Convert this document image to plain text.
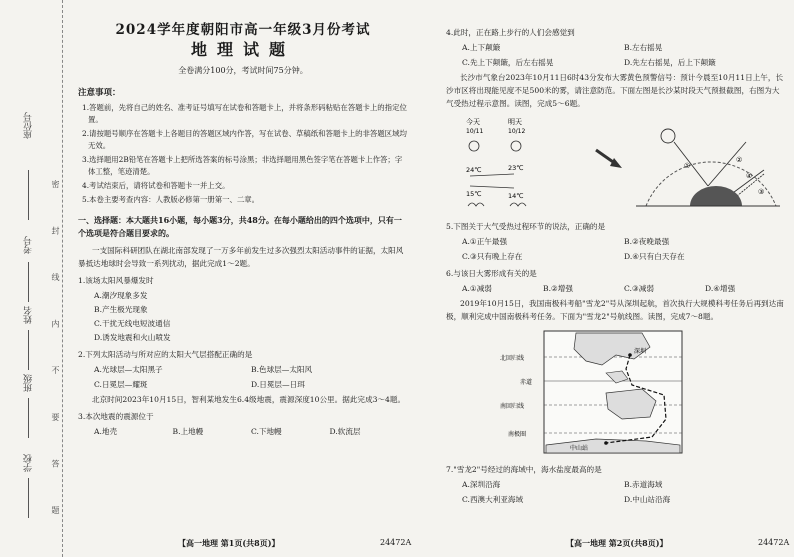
座位号
考号
姓名
班级
学校 密 封 线 内 不 要 答 题
2024学年度朝阳市高一年级3月份考试
地理试题
全卷满分100分，考试时间75分钟。
注意事项：
1.答题前，先将自己的姓名、准考证号填写在试卷和答题卡上，并将条形码粘贴在答题卡上的指定位置。
2.请按题号顺序在答题卡上各题目的答题区域内作答，写在试卷、草稿纸和答题卡上的非答题区域均无效。
3.选择题用2B铅笔在答题卡上把所选答案的标号涂黑；非选择题用黑色签字笔在答题卡上作答；字体工整，笔迹清楚。
4.考试结束后，请将试卷和答题卡一并上交。
5.本卷主要考查内容：人教版必修第一册第一、二章。
一、选择题：本大题共16小题，每小题3分，共48分。在每小题给出的四个选项中，只有一个选项是符合题目要求的。
一支国际科研团队在湖北南部发现了一万多年前发生过多次强烈太阳活动事件的证据，太阳风暴抵达地球时会导致一系列扰动，据此完成1～2题。
1.该场太阳风暴爆发时
A.潮汐现象多发
B.产生极光现象
C.干扰无线电短波通信
D.诱发地震和火山喷发
2.下列太阳活动与所对应的太阳大气层搭配正确的是
A.光球层—太阳黑子	B.色球层—太阳风
C.日冕层—耀斑	D.日冕层—日珥
北京时间2023年10月15日，智利某地发生6.4级地震，震源深度10公里。据此完成3～4题。
3.本次地震的震源位于
A.地壳	B.上地幔	C.下地幔	D.软流层
4.此时，正在路上步行的人们会感觉到
A.上下颠簸	B.左右摇晃
C.先上下颠簸，后左右摇晃	D.先左右摇晃，后上下颠簸
长沙市气象台2023年10月11日6时43分发布大雾黄色预警信号：预计今晨至10月11日上午，长沙市区将出现能见度不足500米的雾，请注意防范。下面左图是长沙某时段天气预报截图，右图为大气受热过程示意图。读图，完成5～6题。
今天	明天
10/11	10/12
24℃	23℃
15℃	14℃
①
②
③
④
5.下图关于大气受热过程环节的说法，正确的是
A.①正午最强	B.②夜晚最强
C.③只有晚上存在	D.④只有白天存在
6.与该日大雾形成有关的是
A.①减弱	B.②增强	C.③减弱	D.④增强
2019年10月15日，我国南极科考船"雪龙2"号从深圳起航，首次执行大规模科考任务后再到达南极，顺利完成中国南极科考任务。下面为"雪龙2"号航线图。读图，完成7～8题。
北回归线
赤道
南回归线
南极圈
深圳
中山站
7."雪龙2"号经过的海域中，海水盐度最高的是
A.深圳沿海	B.赤道海域
C.西澳大利亚海域	D.中山站沿海
【高一地理 第1页(共8页)】	24472A	【高一地理 第2页(共8页)】	24472A
